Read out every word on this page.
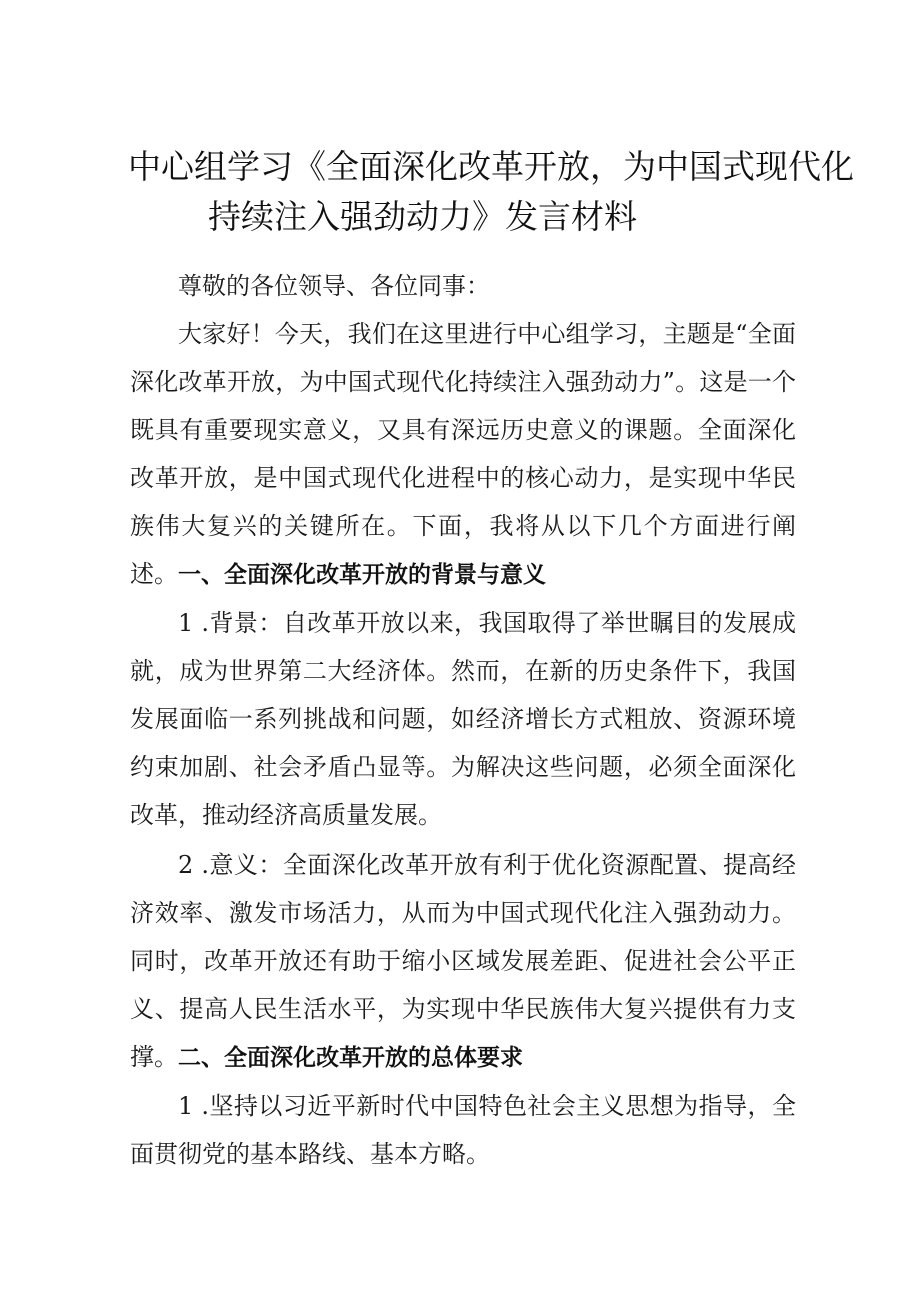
中心组学习《全面深化改革开放，为中国式现代化
持续注入强劲动力》发言材料

尊敬的各位领导、各位同事：

大家好！今天，我们在这里进行中心组学习，主题是“全面深化改革开放，为中国式现代化持续注入强劲动力”。这是一个既具有重要现实意义，又具有深远历史意义的课题。全面深化改革开放，是中国式现代化进程中的核心动力，是实现中华民族伟大复兴的关键所在。下面，我将从以下几个方面进行阐述。 一、全面深化改革开放的背景与意义

1 .背景：自改革开放以来，我国取得了举世瞩目的发展成就，成为世界第二大经济体。然而，在新的历史条件下，我国发展面临一系列挑战和问题，如经济增长方式粗放、资源环境约束加剧、社会矛盾凸显等。为解决这些问题，必须全面深化改革，推动经济高质量发展。

2 .意义：全面深化改革开放有利于优化资源配置、提高经济效率、激发市场活力，从而为中国式现代化注入强劲动力。同时，改革开放还有助于缩小区域发展差距、促进社会公平正义、提高人民生活水平，为实现中华民族伟大复兴提供有力支撑。 二、全面深化改革开放的总体要求

1 .坚持以习近平新时代中国特色社会主义思想为指导，全面贯彻党的基本路线、基本方略。
